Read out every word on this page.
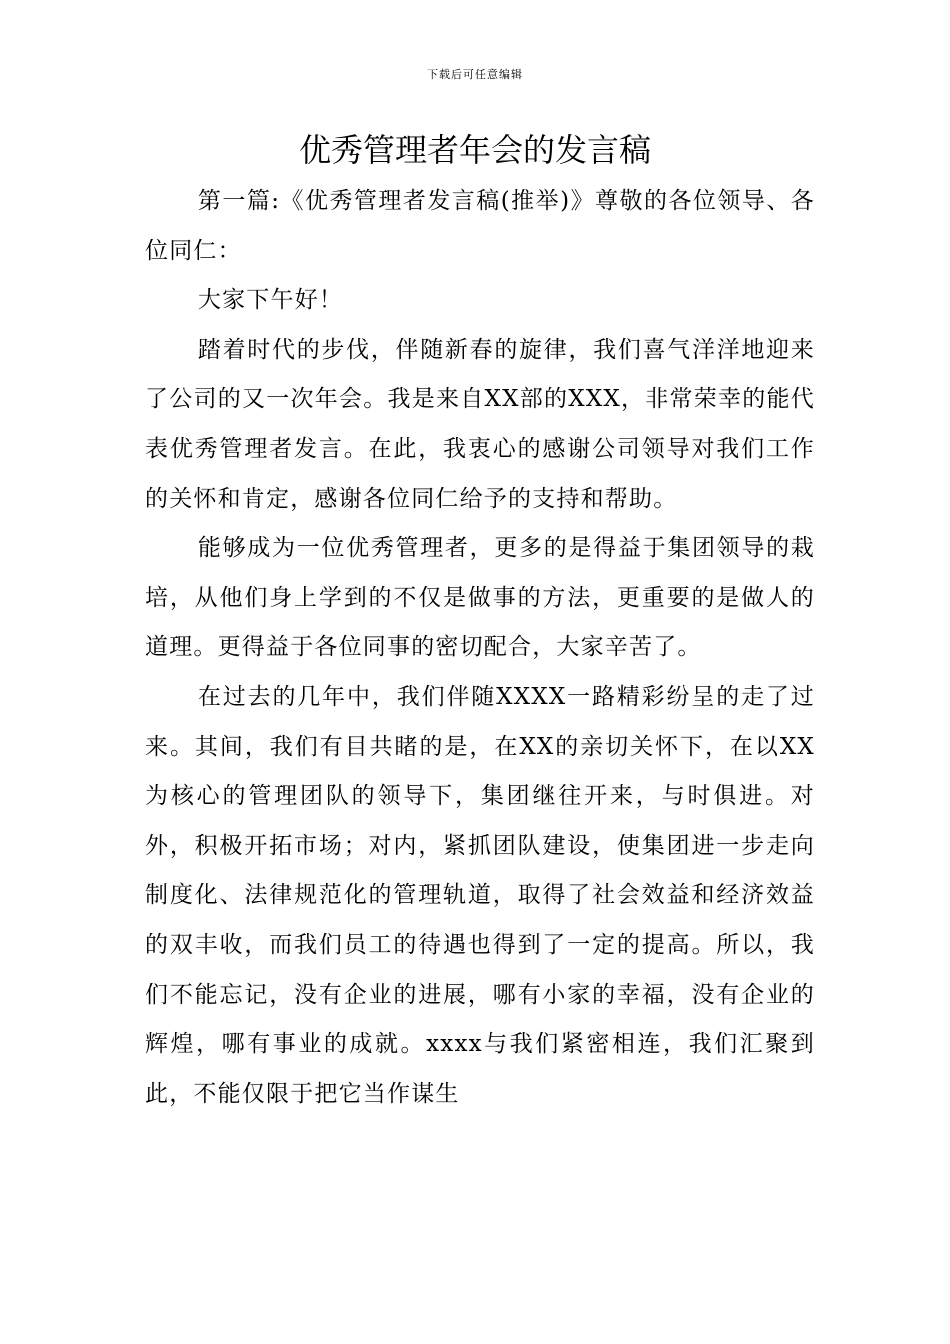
下载后可任意编辑
优秀管理者年会的发言稿

第一篇:《优秀管理者发言稿(推举)》尊敬的各位领导、各位同仁：

大家下午好！

踏着时代的步伐，伴随新春的旋律，我们喜气洋洋地迎来了公司的又一次年会。我是来自XX部的XXX，非常荣幸的能代表优秀管理者发言。在此，我衷心的感谢公司领导对我们工作的关怀和肯定，感谢各位同仁给予的支持和帮助。

能够成为一位优秀管理者，更多的是得益于集团领导的栽培，从他们身上学到的不仅是做事的方法，更重要的是做人的道理。更得益于各位同事的密切配合，大家辛苦了。

在过去的几年中，我们伴随XXXX一路精彩纷呈的走了过来。其间，我们有目共睹的是，在XX的亲切关怀下，在以XX为核心的管理团队的领导下，集团继往开来，与时俱进。对外，积极开拓市场；对内，紧抓团队建设，使集团进一步走向制度化、法律规范化的管理轨道，取得了社会效益和经济效益的双丰收，而我们员工的待遇也得到了一定的提高。所以，我们不能忘记，没有企业的进展，哪有小家的幸福，没有企业的辉煌，哪有事业的成就。xxxx与我们紧密相连，我们汇聚到此，不能仅限于把它当作谋生
